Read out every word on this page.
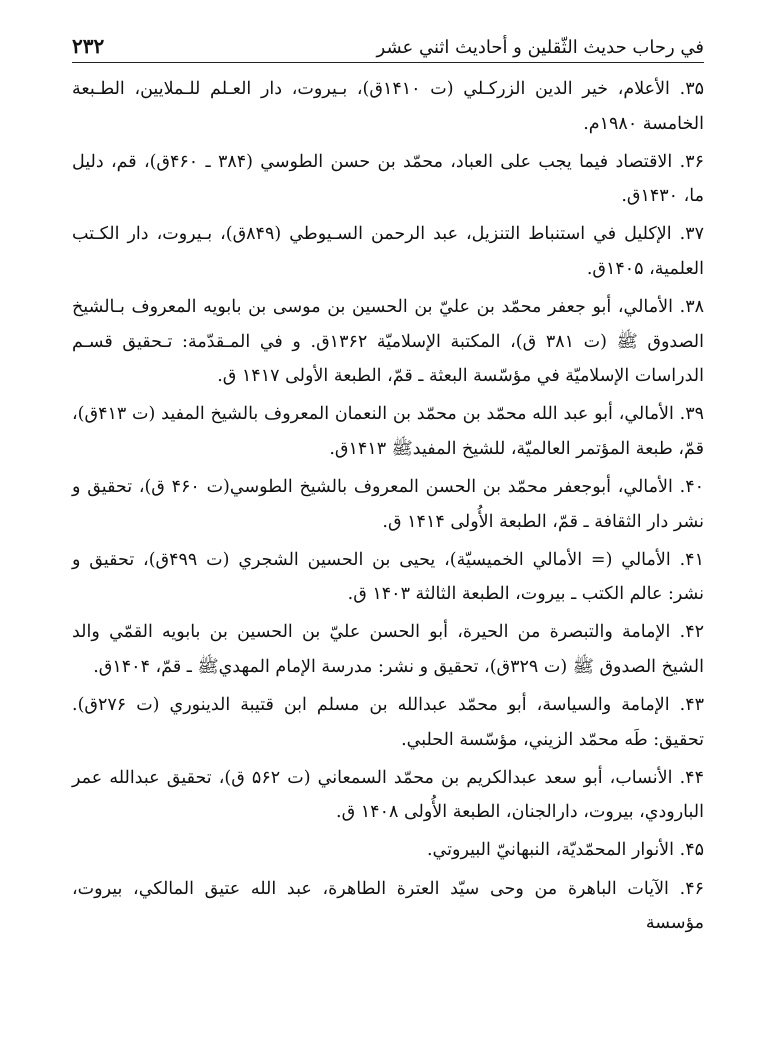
في رحاب حديث الثّقلين و أحاديث اثني عشر
۲۳۲
۳۵. الأعلام، خير الدين الزركـلي (ت ۱۴۱۰ق)، بـيروت، دار العـلم للـملايين، الطـبعة الخامسة ۱۹۸۰م.
۳۶. الاقتصاد فيما يجب على العباد، محمّد بن حسن الطوسي (۳۸۴ ـ ۴۶۰ق)، قم، دليل ما، ۱۴۳۰ق.
۳۷. الإكليل في استنباط التنزيل، عبد الرحمن السـيوطي (۸۴۹ق)، بـيروت، دار الكـتب العلمية، ۱۴۰۵ق.
۳۸. الأمالي، أبو جعفر محمّد بن عليّ بن الحسين بن موسى بن بابويه المعروف بـالشيخ الصدوق ﷺ (ت ۳۸۱ ق)، المكتبة الإسلاميّة ۱۳۶۲ق. و في المـقدّمة: تـحقيق قسـم الدراسات الإسلاميّة في مؤسّسة البعثة ـ قمّ، الطبعة الأولى ۱۴۱۷ ق.
۳۹. الأمالي، أبو عبد الله محمّد بن محمّد بن النعمان المعروف بالشيخ المفيد (ت ۴۱۳ق)، قمّ، طبعة المؤتمر العالميّة، للشيخ المفيدﷺ ۱۴۱۳ق.
۴۰. الأمالي، أبوجعفر محمّد بن الحسن المعروف بالشيخ الطوسي(ت ۴۶۰ ق)، تحقيق و نشر دار الثقافة ـ قمّ، الطبعة الأُولى ۱۴۱۴ ق.
۴۱. الأمالي (= الأمالي الخميسيّة)، يحيى بن الحسين الشجري (ت ۴۹۹ق)، تحقيق و نشر: عالم الكتب ـ بيروت، الطبعة الثالثة ۱۴۰۳ ق.
۴۲. الإمامة والتبصرة من الحيرة، أبو الحسن عليّ بن الحسين بن بابويه القمّي والد الشيخ الصدوق ﷺ (ت ۳۲۹ق)، تحقيق و نشر: مدرسة الإمام المهديﷺ ـ قمّ، ۱۴۰۴ق.
۴۳. الإمامة والسياسة، أبو محمّد عبدالله بن مسلم ابن قتيبة الدينوري (ت ۲۷۶ق). تحقيق: طَه محمّد الزيني، مؤسّسة الحلبي.
۴۴. الأنساب، أبو سعد عبدالكريم بن محمّد السمعاني (ت ۵۶۲ ق)، تحقيق عبدالله عمر البارودي، بيروت، دارالجنان، الطبعة الأُولى ۱۴۰۸ ق.
۴۵. الأنوار المحمّديّة، النبهانيّ البيروتي.
۴۶. الآيات الباهرة من وحى سيّد العترة الطاهرة، عبد الله عتيق المالكي، بيروت، مؤسسة
